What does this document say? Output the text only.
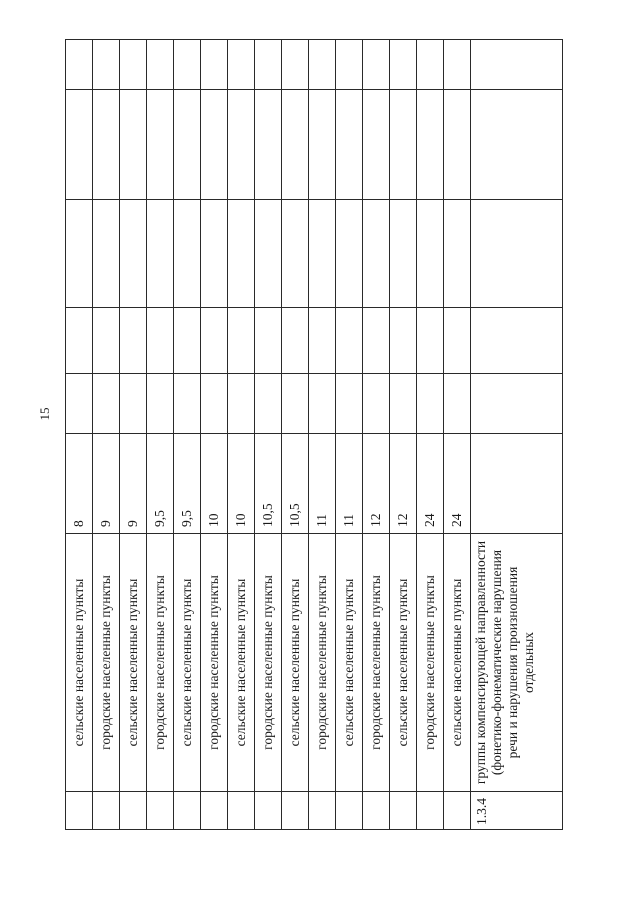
15
	сельские населенные пункты	8					
	городские населенные пункты	9					
	сельские населенные пункты	9					
	городские населенные пункты	9,5					
	сельские населенные пункты	9,5					
	городские населенные пункты	10					
	сельские населенные пункты	10					
	городские населенные пункты	10,5					
	сельские населенные пункты	10,5					
	городские населенные пункты	11					
	сельские населенные пункты	11					
	городские населенные пункты	12					
	сельские населенные пункты	12					
	городские населенные пункты	24					
	сельские населенные пункты	24					
1.3.4	группы компенсирующей направленности (фонетико-фонематические нарушения речи и нарушения произношения отдельных						
